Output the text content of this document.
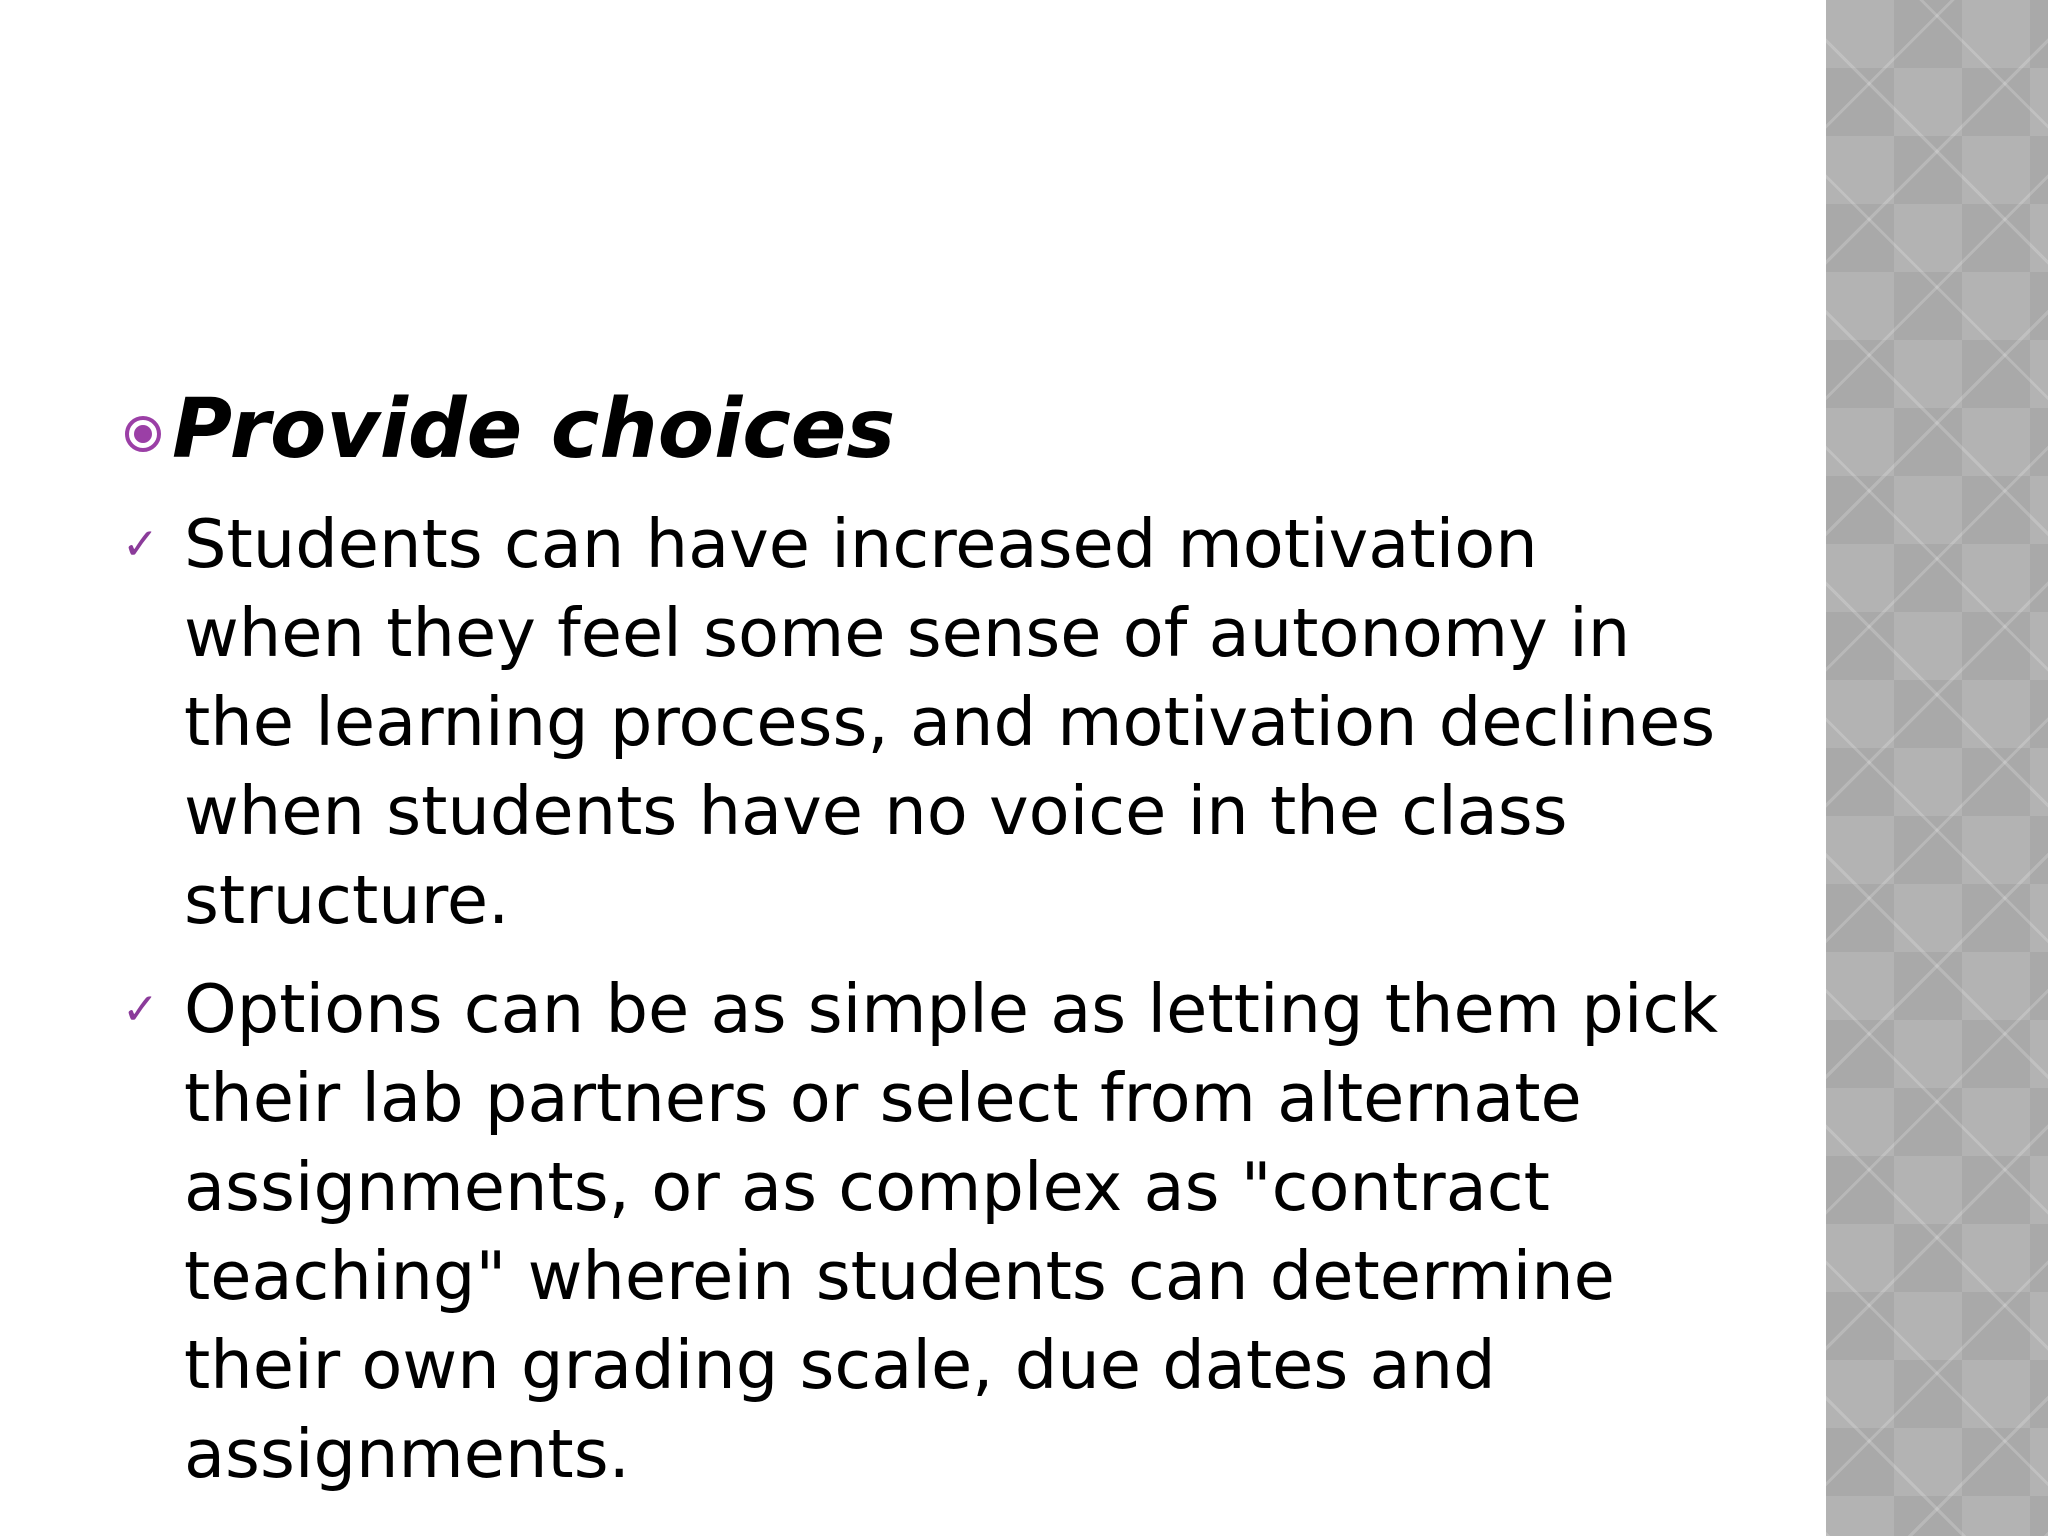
Provide choices
✓ Students can have increased motivation
when they feel some sense of autonomy in
the learning process, and motivation declines
when students have no voice in the class
structure.
✓ Options can be as simple as letting them pick
their lab partners or select from alternate
assignments, or as complex as "contract
teaching" wherein students can determine
their own grading scale, due dates and
assignments.
